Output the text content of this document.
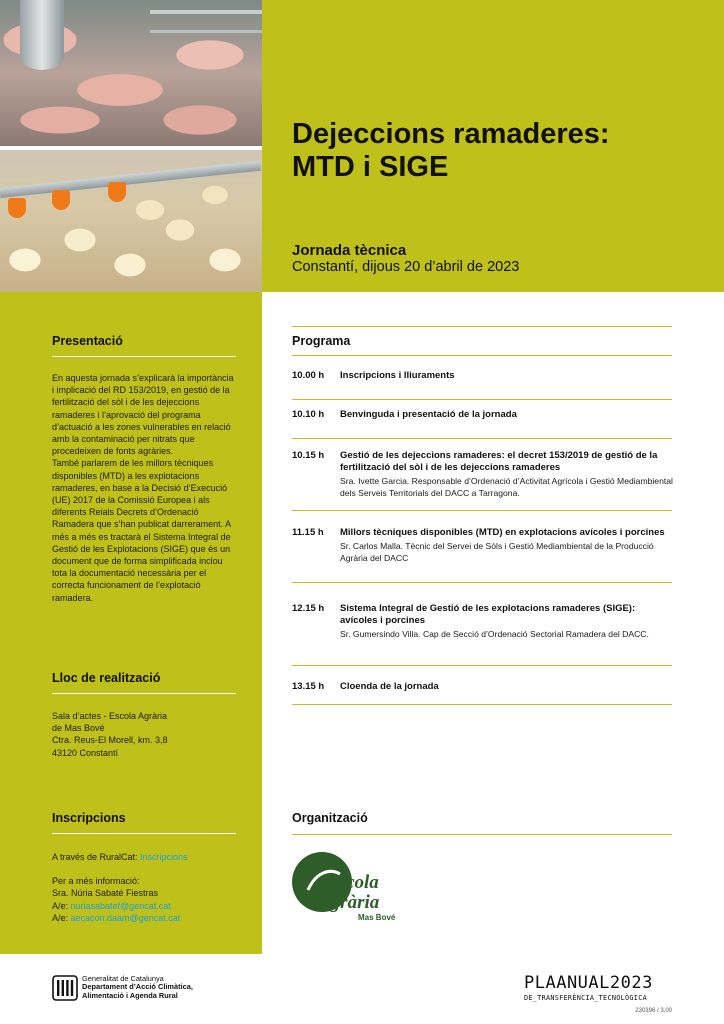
Dejeccions ramaderes:
MTD i SIGE
Jornada tècnica
Constantí, dijous 20 d’abril de 2023
Presentació

En aquesta jornada s’explicarà la importància i implicació del RD 153/2019, en gestió de la fertilització del sòl i de les dejeccions ramaderes i l’aprovació del programa d’actuació a les zones vulnerables en relació amb la contaminació per nitrats que procedeixen de fonts agràries.

També parlarem de les millors tècniques disponibles (MTD) a les explotacions ramaderes, en base a la Decisió d’Execució (UE) 2017 de la Comissió Europea i als diferents Reials Decrets d’Ordenació Ramadera que s’han publicat darrerament. A més a més es tractarà el Sistema Integral de Gestió de les Explotacions (SIGE) que és un document que de forma simplificada inclou tota la documentació necessària per el correcta funcionament de l’explotació ramadera.

Lloc de realització
Sala d’actes - Escola Agrària
de Mas Bové
Ctra. Reus-El Morell, km. 3,8
43120 Constantí
Inscripcions
A través de RuralCat: Inscripcions
Per a més informació:
Sra. Núria Sabaté Fiestras
A/e: nuriasabatef@gencat.cat
A/e: aecacon.daam@gencat.cat
Programa
10.00 h	Inscripcions i lliuraments
10.10 h	Benvinguda i presentació de la jornada
10.15 h	Gestió de les dejeccions ramaderes: el decret 153/2019 de gestió de la fertilització del sòl i de les dejeccions ramaderes
Sra. Ivette Garcia. Responsable d’Ordenació d’Activitat Agrícola i Gestió Mediambiental dels Serveis Territorials del DACC a Tarragona.
11.15 h	Millors tècniques disponibles (MTD) en explotacions avícoles i porcines
Sr. Carlos Malla. Tècnic del Servei de Sòls i Gestió Mediambiental de la Producció Agrària del DACC
12.15 h	Sistema Integral de Gestió de les explotacions ramaderes (SIGE): avícoles i porcines
Sr. Gumersindo Villa. Cap de Secció d’Ordenació Sectorial Ramadera del DACC.
13.15 h	Cloenda de la jornada
Organització
Escola
Agrària
Mas Bové
Generalitat de Catalunya
Departament d’Acció Climàtica,
Alimentació i Agenda Rural
PLAANUAL2023
DE_TRANSFERÈNCIA_TECNOLÒGICA
230396 / 3,00
